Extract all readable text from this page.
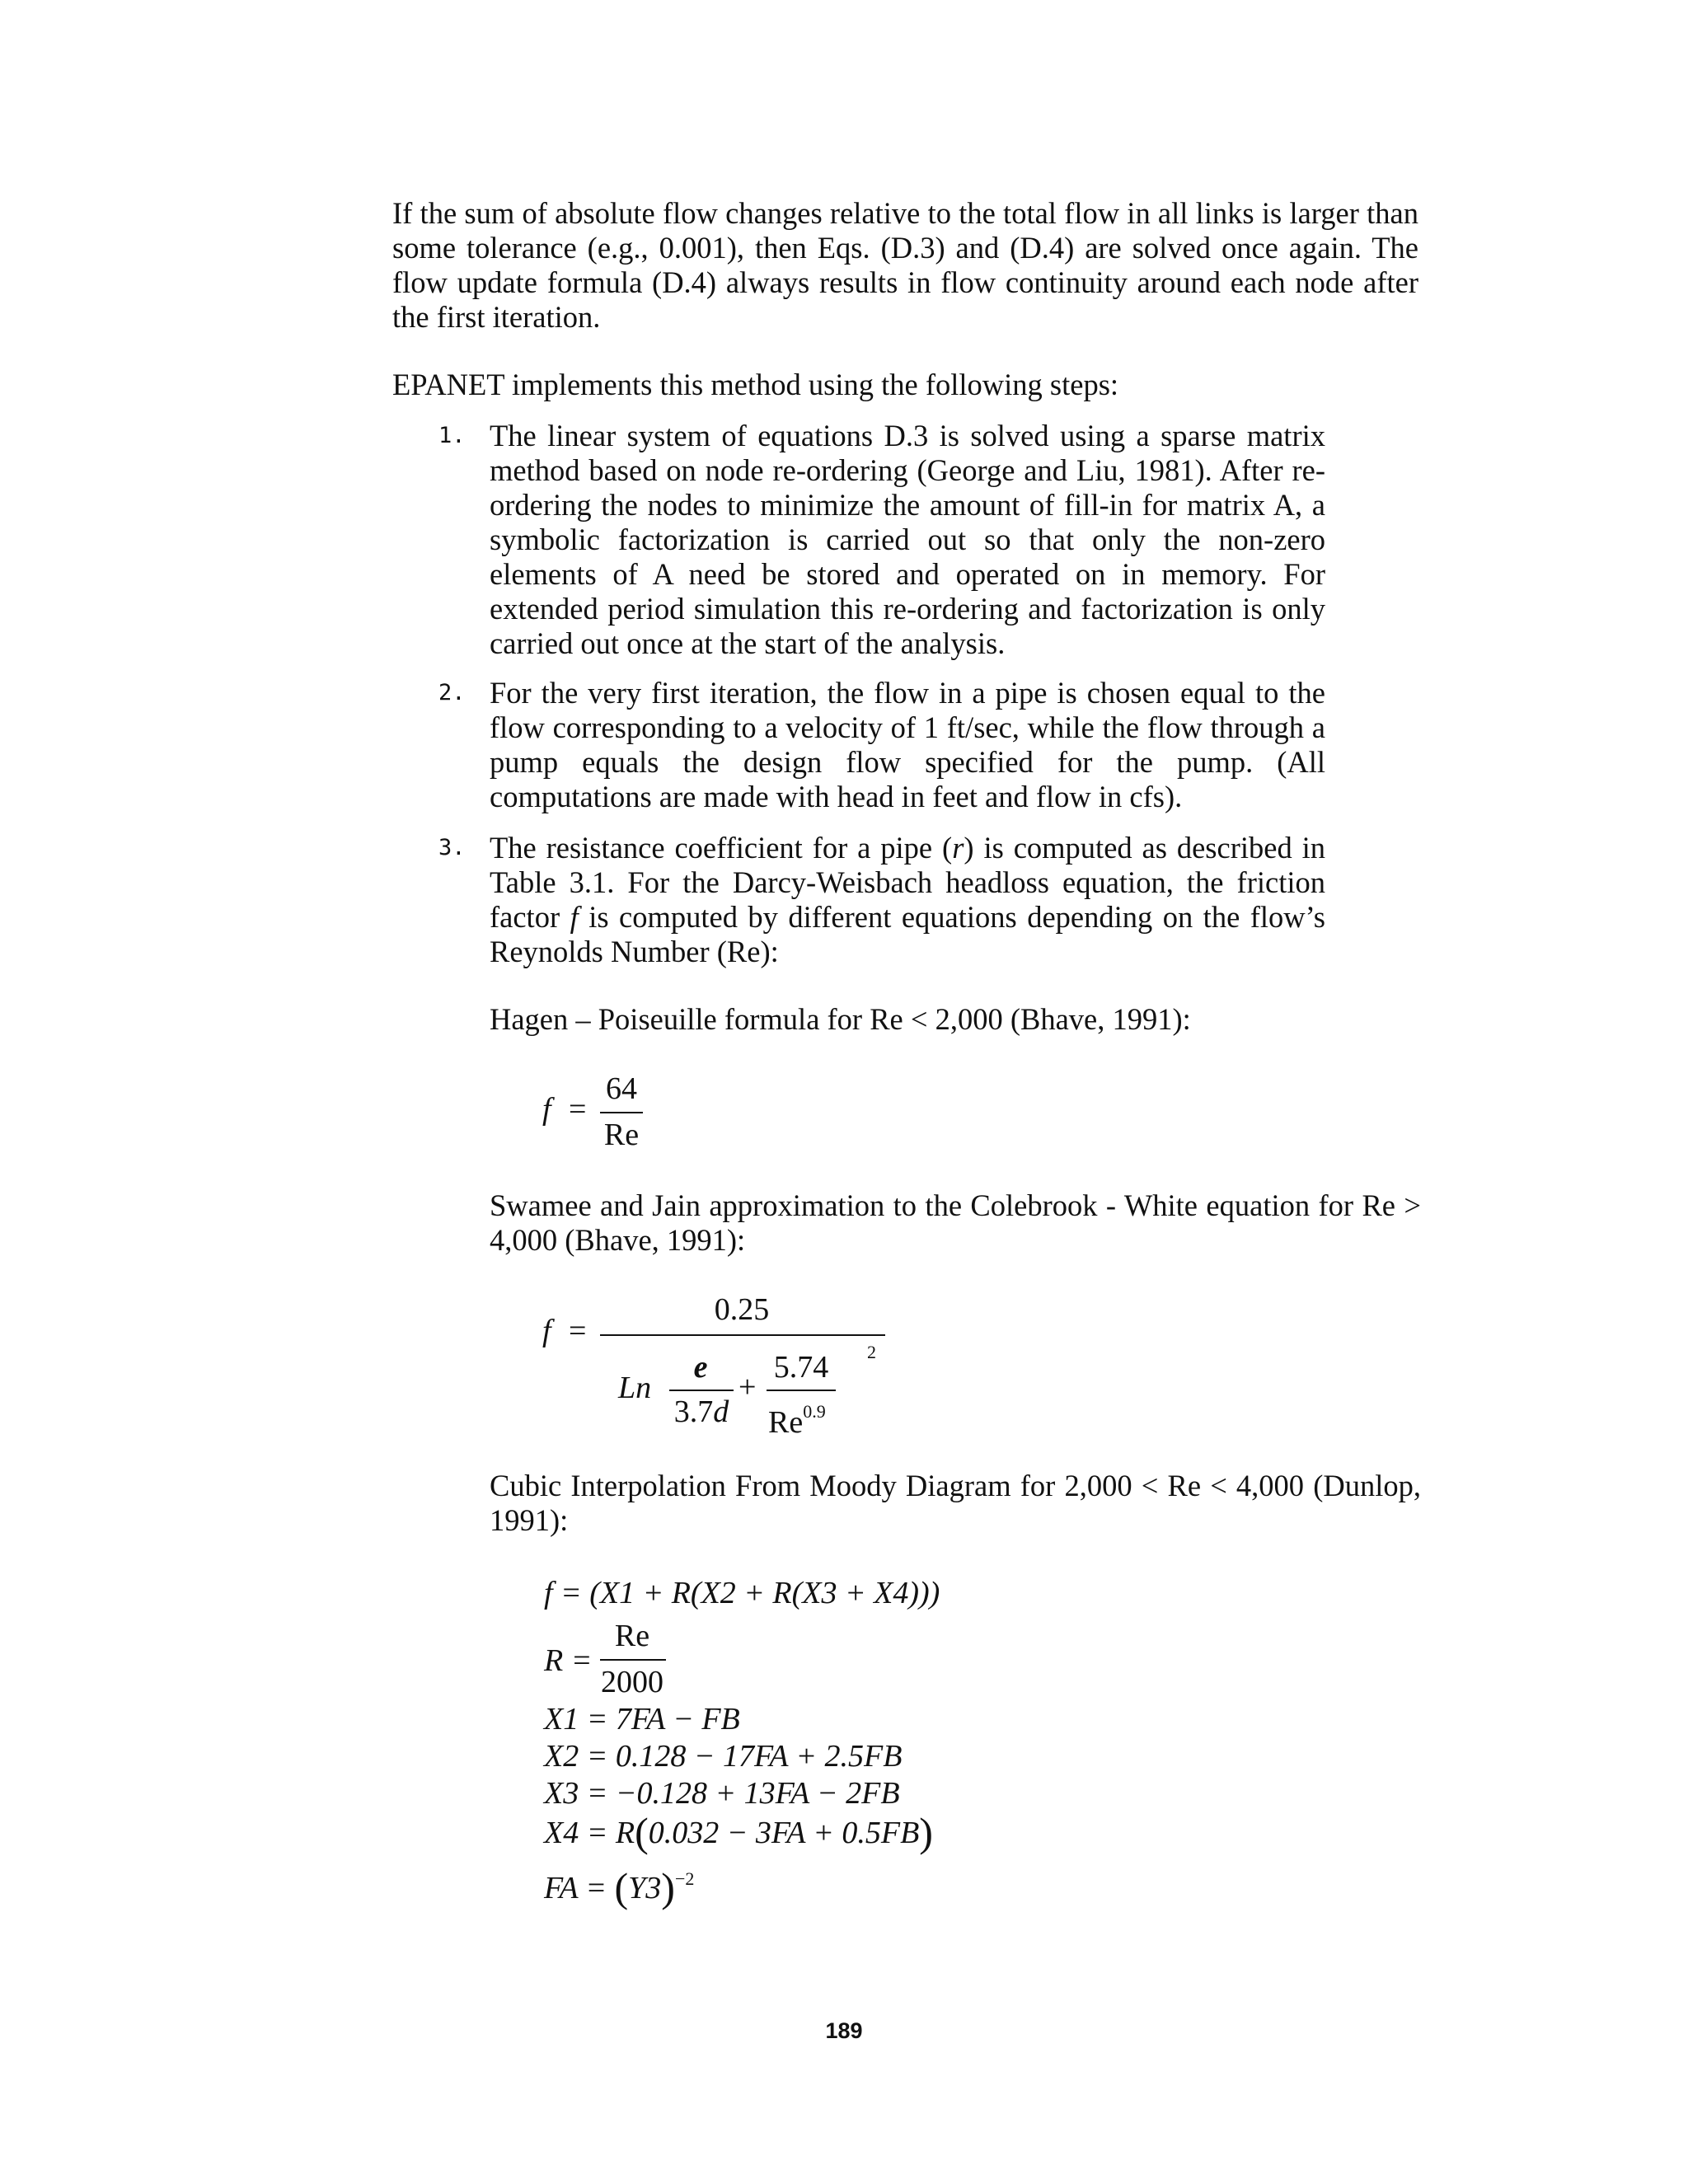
If the sum of absolute flow changes relative to the total flow in all links is larger than some tolerance (e.g., 0.001), then Eqs. (D.3) and (D.4) are solved once again. The flow update formula (D.4) always results in flow continuity around each node after the first iteration.

EPANET implements this method using the following steps:

1. The linear system of equations D.3 is solved using a sparse matrix method based on node re-ordering (George and Liu, 1981). After re-ordering the nodes to minimize the amount of fill-in for matrix A, a symbolic factorization is carried out so that only the non-zero elements of A need be stored and operated on in memory. For extended period simulation this re-ordering and factorization is only carried out once at the start of the analysis.

2. For the very first iteration, the flow in a pipe is chosen equal to the flow corresponding to a velocity of 1 ft/sec, while the flow through a pump equals the design flow specified for the pump. (All computations are made with head in feet and flow in cfs).

3. The resistance coefficient for a pipe (r) is computed as described in Table 3.1. For the Darcy-Weisbach headloss equation, the friction factor f is computed by different equations depending on the flow’s Reynolds Number (Re):

Hagen – Poiseuille formula for Re < 2,000 (Bhave, 1991):

f =
64
Re

Swamee and Jain approximation to the Colebrook - White equation for Re > 4,000 (Bhave, 1991):

f =
0.25
2
Ln
e
3.7d
+
5.74
$Re^{0.9}$

Cubic Interpolation From Moody Diagram for 2,000 < Re < 4,000 (Dunlop, 1991):

f = (X1 + R(X2 + R(X3 + X4)))
R =
Re
2000
X1 = 7FA − FB
X2 = 0.128 − 17FA + 2.5FB
X3 = −0.128 + 13FA − 2FB
X4 = R(0.032 − 3FA + 0.5FB)
FA = $(Y3)^{-2}$
189
